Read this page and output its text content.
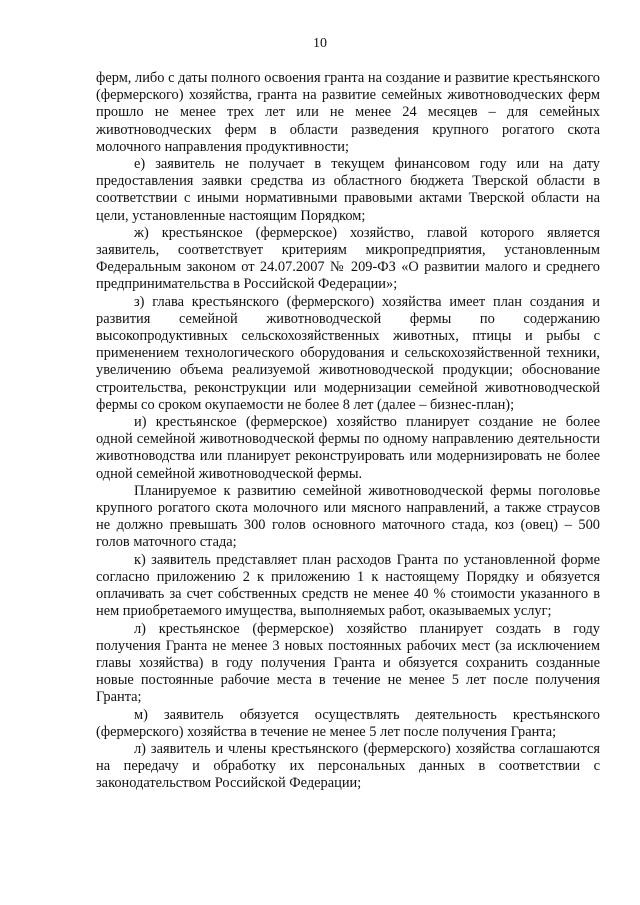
10

ферм, либо с даты полного освоения гранта на создание и развитие крестьянского (фермерского) хозяйства, гранта на развитие семейных животноводческих ферм прошло не менее трех лет или не менее 24 месяцев – для семейных животноводческих ферм в области разведения крупного рогатого скота молочного направления продуктивности;

е) заявитель не получает в текущем финансовом году или на дату предоставления заявки средства из областного бюджета Тверской области в соответствии с иными нормативными правовыми актами Тверской области на цели, установленные настоящим Порядком;

ж) крестьянское (фермерское) хозяйство, главой которого является заявитель, соответствует критериям микропредприятия, установленным Федеральным законом от 24.07.2007 № 209-ФЗ «О развитии малого и среднего предпринимательства в Российской Федерации»;

з) глава крестьянского (фермерского) хозяйства имеет план создания и развития семейной животноводческой фермы по содержанию высокопродуктивных сельскохозяйственных животных, птицы и рыбы с применением технологического оборудования и сельскохозяйственной техники, увеличению объема реализуемой животноводческой продукции; обоснование строительства, реконструкции или модернизации семейной животноводческой фермы со сроком окупаемости не более 8 лет (далее – бизнес-план);

и) крестьянское (фермерское) хозяйство планирует создание не более одной семейной животноводческой фермы по одному направлению деятельности животноводства или планирует реконструировать или модернизировать не более одной семейной животноводческой фермы.

Планируемое к развитию семейной животноводческой фермы поголовье крупного рогатого скота молочного или мясного направлений, а также страусов не должно превышать 300 голов основного маточного стада, коз (овец) – 500 голов маточного стада;

к) заявитель представляет план расходов Гранта по установленной форме согласно приложению 2 к приложению 1 к настоящему Порядку и обязуется оплачивать за счет собственных средств не менее 40 % стоимости указанного в нем приобретаемого имущества, выполняемых работ, оказываемых услуг;

л) крестьянское (фермерское) хозяйство планирует создать в году получения Гранта не менее 3 новых постоянных рабочих мест (за исключением главы хозяйства) в году получения Гранта и обязуется сохранить созданные новые постоянные рабочие места в течение не менее 5 лет после получения Гранта;

м) заявитель обязуется осуществлять деятельность крестьянского (фермерского) хозяйства в течение не менее 5 лет после получения Гранта;

л) заявитель и члены крестьянского (фермерского) хозяйства соглашаются на передачу и обработку их персональных данных в соответствии с законодательством Российской Федерации;
